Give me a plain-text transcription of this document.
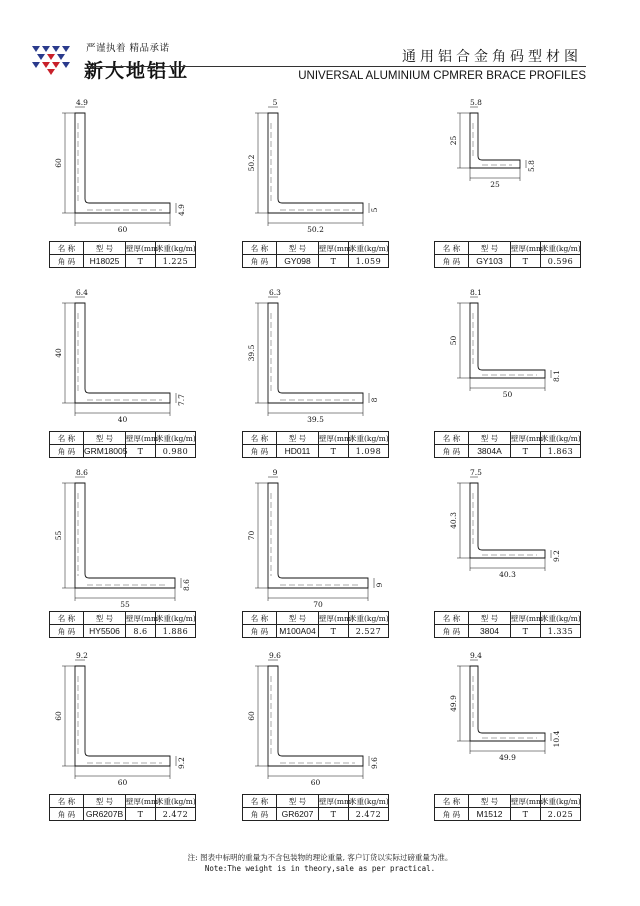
严谨执着 精品承诺
新大地铝业
通用铝合金角码型材图
UNIVERSAL ALUMINIUM CPMRER BRACE PROFILES
60
60
4.9
4.9
名 称	型 号	壁厚(mm)	米重(kg/m)
角 码	H18025	T	1.225
50.2
50.2
5
5
名 称	型 号	壁厚(mm)	米重(kg/m)
角 码	GY098	T	1.059
25
25
5.8
5.8
名 称	型 号	壁厚(mm)	米重(kg/m)
角 码	GY103	T	0.596
40
40
6.4
7.7
名 称	型 号	壁厚(mm)	米重(kg/m)
角 码	GRM18005	T	0.980
39.5
39.5
6.3
8
名 称	型 号	壁厚(mm)	米重(kg/m)
角 码	HD011	T	1.098
50
50
8.1
8.1
名 称	型 号	壁厚(mm)	米重(kg/m)
角 码	3804A	T	1.863
55
55
8.6
8.6
名 称	型 号	壁厚(mm)	米重(kg/m)
角 码	HY5506	8.6	1.886
70
70
9
9
名 称	型 号	壁厚(mm)	米重(kg/m)
角 码	M100A04	T	2.527
40.3
40.3
7.5
9.2
名 称	型 号	壁厚(mm)	米重(kg/m)
角 码	3804	T	1.335
60
60
9.2
9.2
名 称	型 号	壁厚(mm)	米重(kg/m)
角 码	GR6207B	T	2.472
60
60
9.6
9.6
名 称	型 号	壁厚(mm)	米重(kg/m)
角 码	GR6207	T	2.472
49.9
49.9
9.4
10.4
名 称	型 号	壁厚(mm)	米重(kg/m)
角 码	M1512	T	2.025
注: 图表中标明的重量为不含包装物的理论重量, 客户订货以实际过磅重量为准。
Note:The weight is in theory,sale as per practical.
